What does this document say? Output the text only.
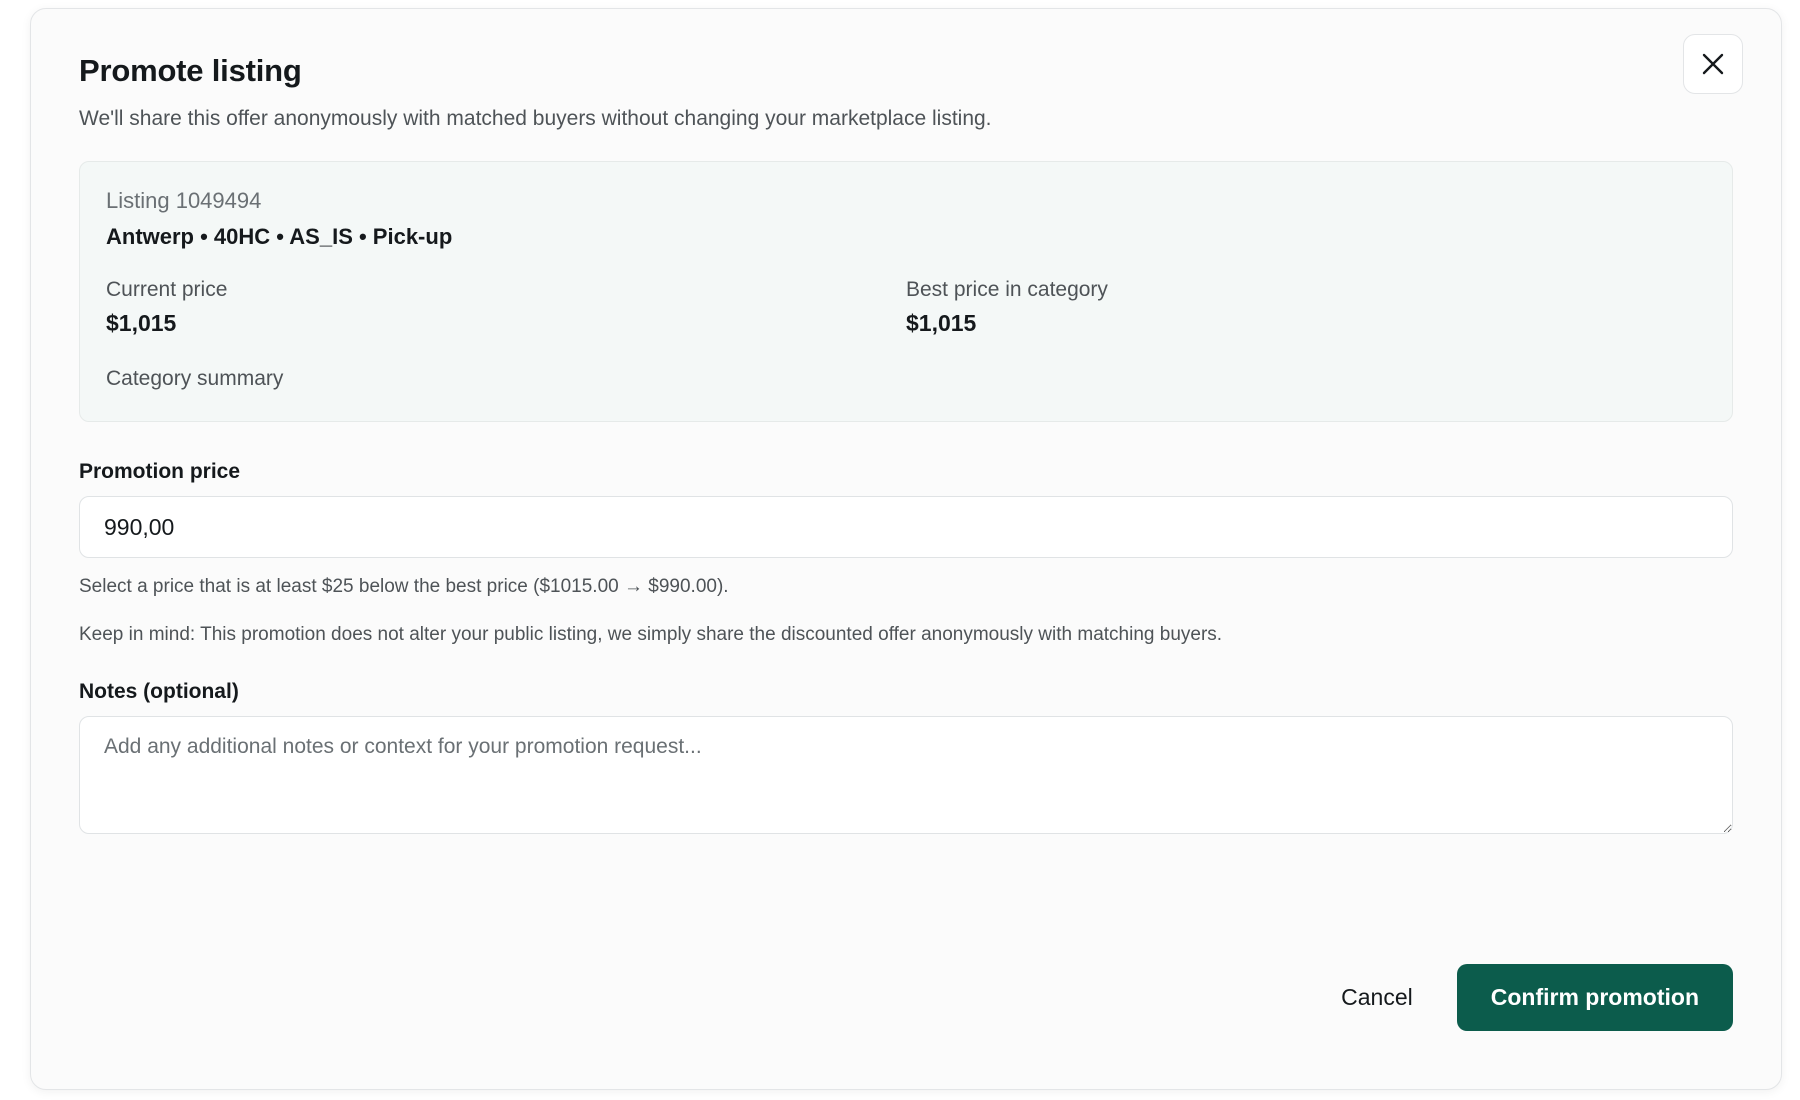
Promote listing

We'll share this offer anonymously with matched buyers without changing your marketplace listing.

Listing 1049494
Antwerp • 40HC • AS_IS • Pick-up
Current price
$1,015
Best price in category
$1,015
Category summary
Promotion price
990,00
Select a price that is at least $25 below the best price ($1015.00 → $990.00).
Keep in mind: This promotion does not alter your public listing, we simply share the discounted offer anonymously with matching buyers.
Notes (optional)
Add any additional notes or context for your promotion request...
Cancel	Confirm promotion
